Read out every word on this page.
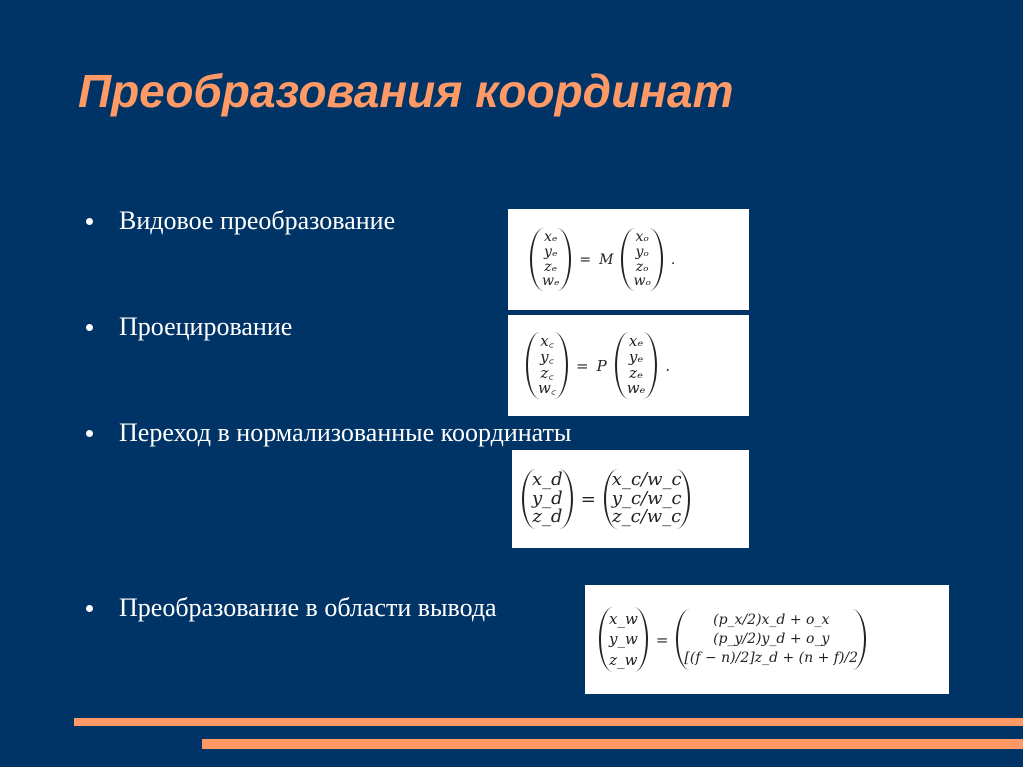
Преобразования координат
Видовое преобразование
Проецирование
Переход в нормализованные координаты
Преобразование в области вывода
xₑ
yₑ
zₑ
wₑ
= M
xₒ
yₒ
zₒ
wₒ
.
x꜀
y꜀
z꜀
w꜀
= P
xₑ
yₑ
zₑ
wₑ
.
x_d
y_d
z_d
=
x_c/w_c
y_c/w_c
z_c/w_c
x_w
y_w
z_w
=
(p_x/2)x_d + o_x
(p_y/2)y_d + o_y
[(f − n)/2]z_d + (n + f)/2
